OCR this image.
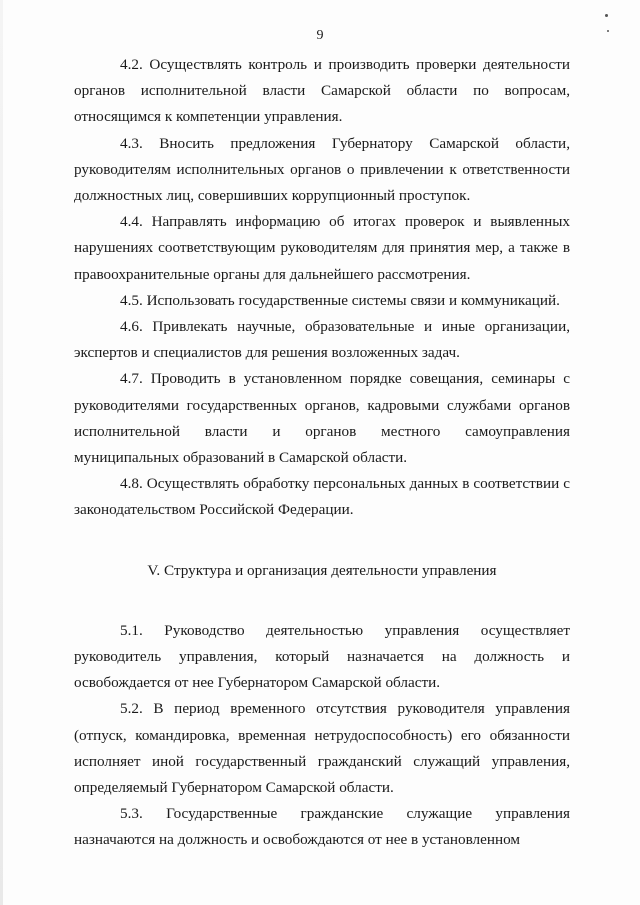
9

4.2. Осуществлять контроль и производить проверки деятельности органов исполнительной власти Самарской области по вопросам, относящимся к компетенции управления.

4.3. Вносить предложения Губернатору Самарской области, руководителям исполнительных органов о привлечении к ответственности должностных лиц, совершивших коррупционный проступок.

4.4. Направлять информацию об итогах проверок и выявленных нарушениях соответствующим руководителям для принятия мер, а также в правоохранительные органы для дальнейшего рассмотрения.

4.5. Использовать государственные системы связи и коммуникаций.

4.6. Привлекать научные, образовательные и иные организации, экспертов и специалистов для решения возложенных задач.

4.7. Проводить в установленном порядке совещания, семинары с руководителями государственных органов, кадровыми службами органов исполнительной власти и органов местного самоуправления муниципальных образований в Самарской области.

4.8. Осуществлять обработку персональных данных в соответствии с законодательством Российской Федерации.

V. Структура и организация деятельности управления

5.1. Руководство деятельностью управления осуществляет руководитель управления, который назначается на должность и освобождается от нее Губернатором Самарской области.

5.2. В период временного отсутствия руководителя управления (отпуск, командировка, временная нетрудоспособность) его обязанности исполняет иной государственный гражданский служащий управления, определяемый Губернатором Самарской области.

5.3. Государственные гражданские служащие управления назначаются на должность и освобождаются от нее в установленном
